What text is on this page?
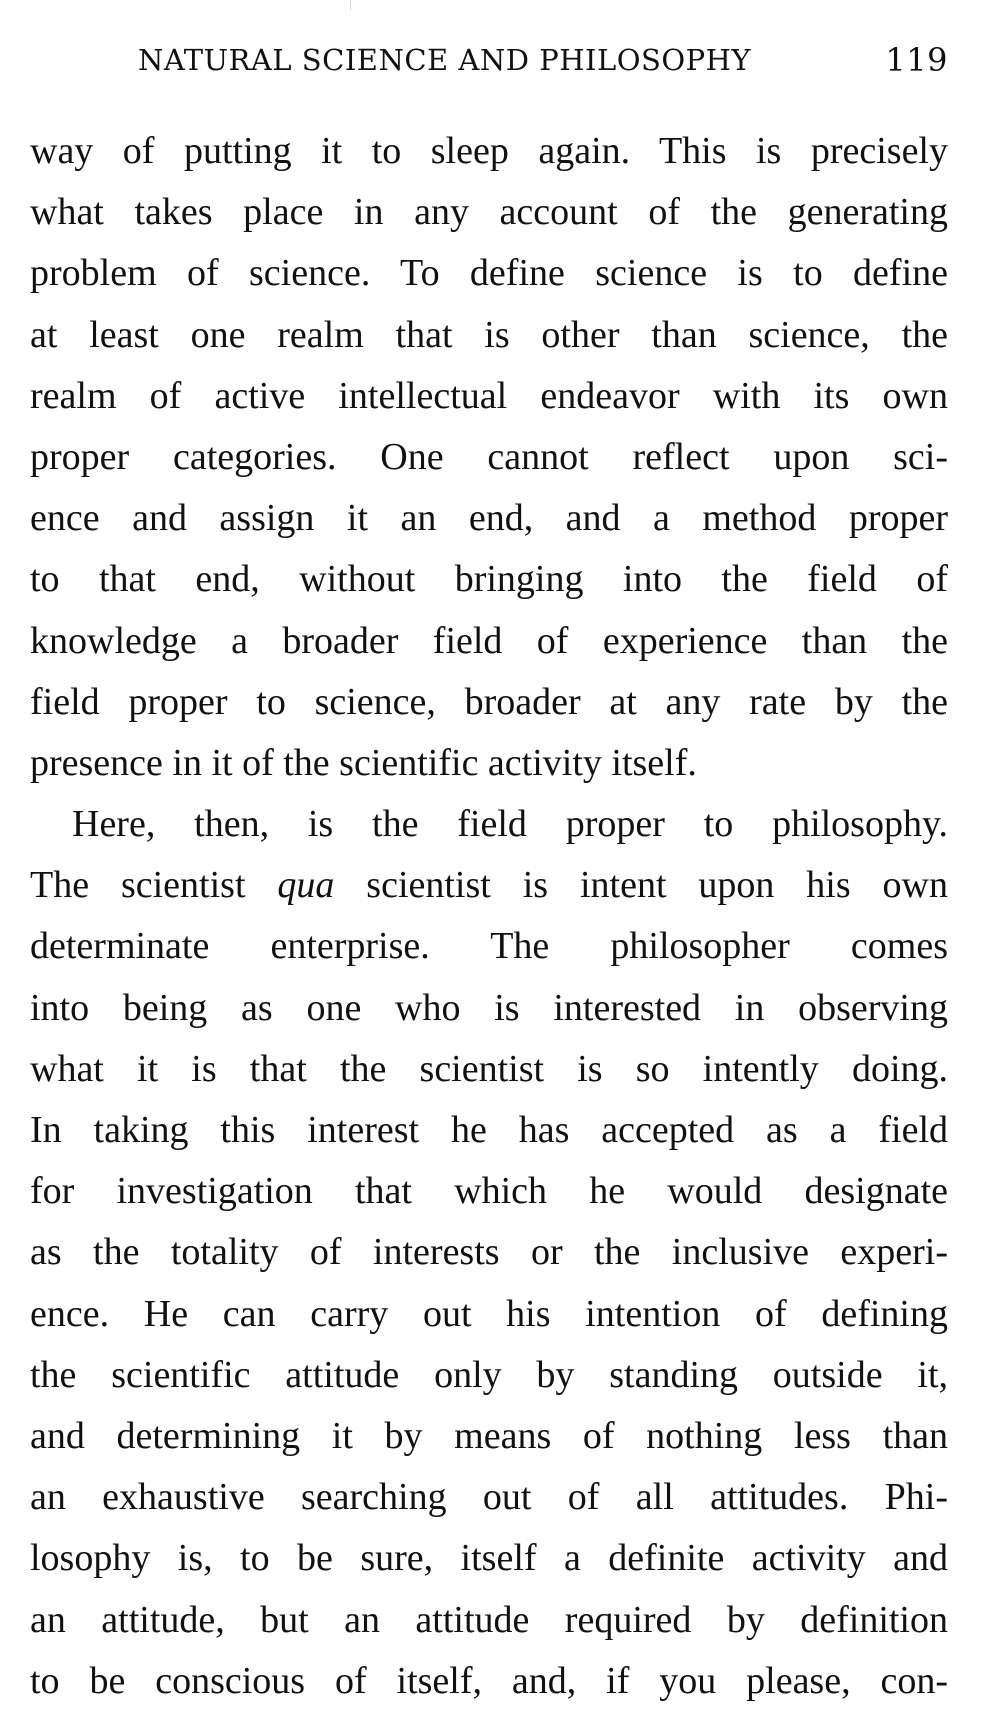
NATURAL SCIENCE AND PHILOSOPHY	119
way of putting it to sleep again. This is precisely
what takes place in any account of the generating
problem of science. To define science is to define
at least one realm that is other than science, the
realm of active intellectual endeavor with its own
proper categories. One cannot reflect upon sci-
ence and assign it an end, and a method proper
to that end, without bringing into the field of
knowledge a broader field of experience than the
field proper to science, broader at any rate by the
presence in it of the scientific activity itself.
Here, then, is the field proper to philosophy.
The scientist qua scientist is intent upon his own
determinate enterprise. The philosopher comes
into being as one who is interested in observing
what it is that the scientist is so intently doing.
In taking this interest he has accepted as a field
for investigation that which he would designate
as the totality of interests or the inclusive experi-
ence. He can carry out his intention of defining
the scientific attitude only by standing outside it,
and determining it by means of nothing less than
an exhaustive searching out of all attitudes. Phi-
losophy is, to be sure, itself a definite activity and
an attitude, but an attitude required by definition
to be conscious of itself, and, if you please, con-
